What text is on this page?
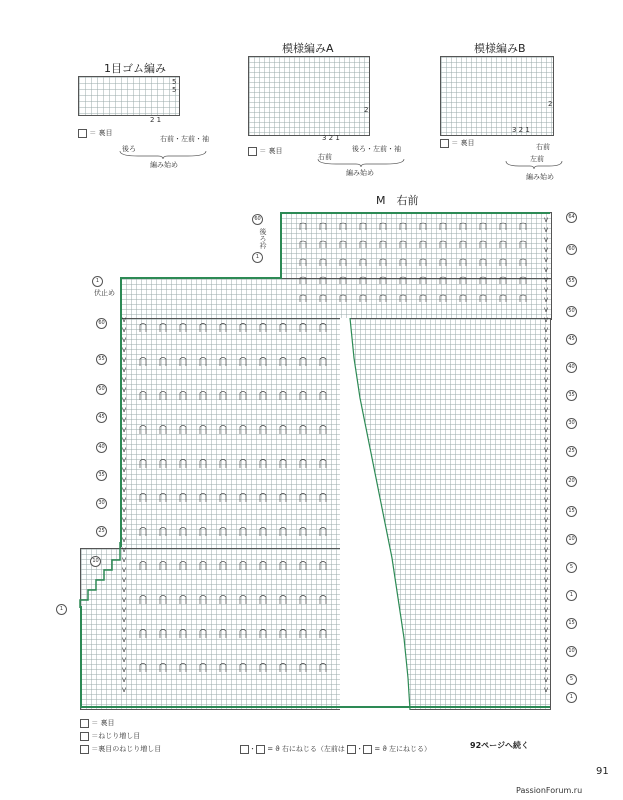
1目ゴム編み
5
5
2 1
右前・左前・袖
後ろ
編み始め
＝ 裏目
模様編みA
2
3 2 1
右前
後ろ・左前・袖
編み始め
＝ 裏目
模様編みB
2
3 2 1
右前
左前
編み始め
＝ 裏目
M　右前
後ろ衿
伏止め
60
1
1
60
55
50
45
40
35
30
25
10
1
64
60
55
50
45
40
35
30
25
20
15
10
5
1
15
10
5
1
V
V
V
V
V
V
V
V
V
V
V
V
V
V
V
V
V
V
V
V
V
V
V
V
V
V
V
V
V
V
V
V
V
V
V
V
V
V
V
V
V
V
V
V
V
V
V
V
V
V
V
V
V
V
V
V
V
V
V
V
V
V
V
V
V
V
V
V
V
V
V
V
V
V
V
V
V
V
V
V
V
V
V
V
V
V
＝ 裏目
＝ねじり増し目
＝裏目のねじり増し目	・ = ϑ 右にねじる（左前は ・ = ϑ 左にねじる）	92ページへ続く
91
PassionForum.ru
